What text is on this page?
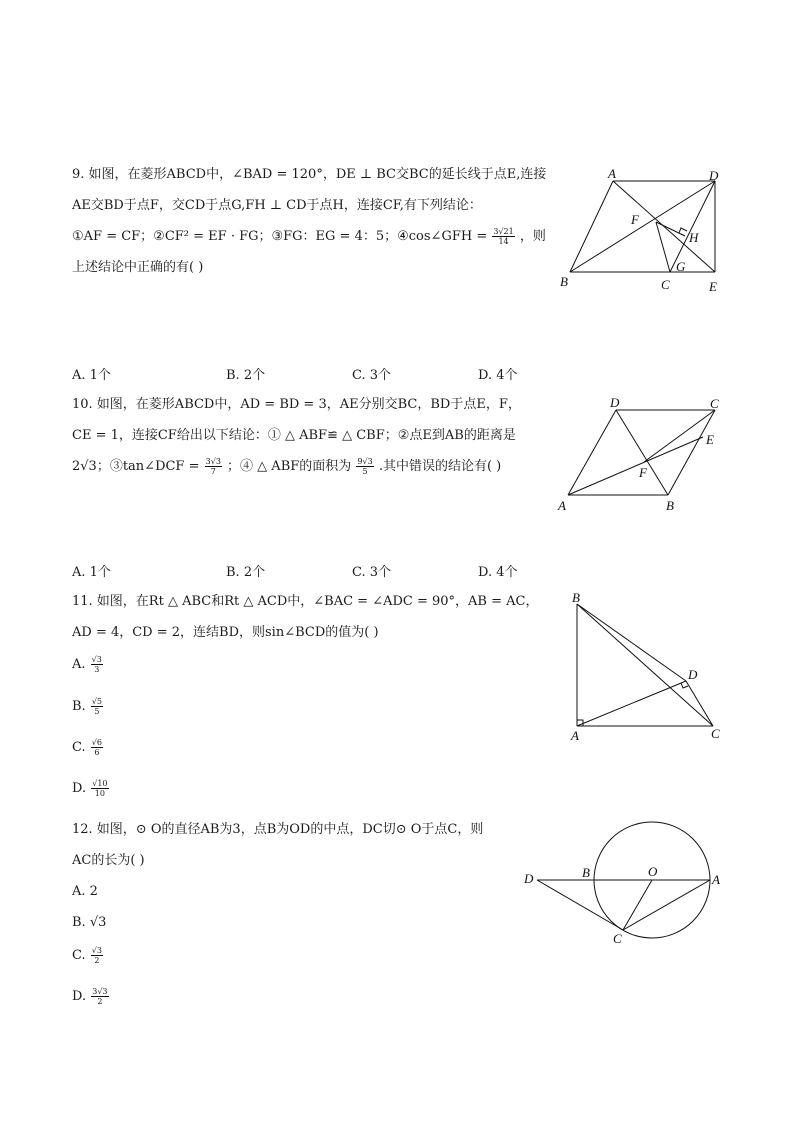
9. 如图，在菱形ABCD中，∠BAD = 120°，DE ⊥ BC交BC的延长线于点E,连接
AE交BD于点F，交CD于点G,FH ⊥ CD于点H，连接CF,有下列结论：
①AF = CF；②CF² = EF · FG；③FG：EG = 4：5；④cos∠GFH = $\frac{3√21}{14}$ ，则
上述结论中正确的有( )
A	D
B	C	E
F
G
H
A. 1个	B. 2个	C. 3个	D. 4个
10. 如图，在菱形ABCD中，AD = BD = 3，AE分别交BC，BD于点E，F，
CE = 1，连接CF给出以下结论：① △ ABF≌ △ CBF；②点E到AB的距离是
2√3；③tan∠DCF = $\frac{3√3}{7}$ ；④ △ ABF的面积为 $\frac{9√3}{5}$ .其中错误的结论有( )
D	C
E
F
A	B
A. 1个	B. 2个	C. 3个	D. 4个
11. 如图，在Rt △ ABC和Rt △ ACD中，∠BAC = ∠ADC = 90°，AB = AC，
AD = 4，CD = 2，连结BD，则sin∠BCD的值为( )
A. $\frac{√3}{3}$
B. $\frac{√5}{5}$
C. $\frac{√6}{6}$
D. $\frac{√10}{10}$
B
D
A	C
12. 如图，⊙ O的直径AB为3，点B为OD的中点，DC切⊙ O于点C，则
AC的长为( )
A. 2
B. √3
C. $\frac{√3}{2}$
D. $\frac{3√3}{2}$
D	B	O
A
C
